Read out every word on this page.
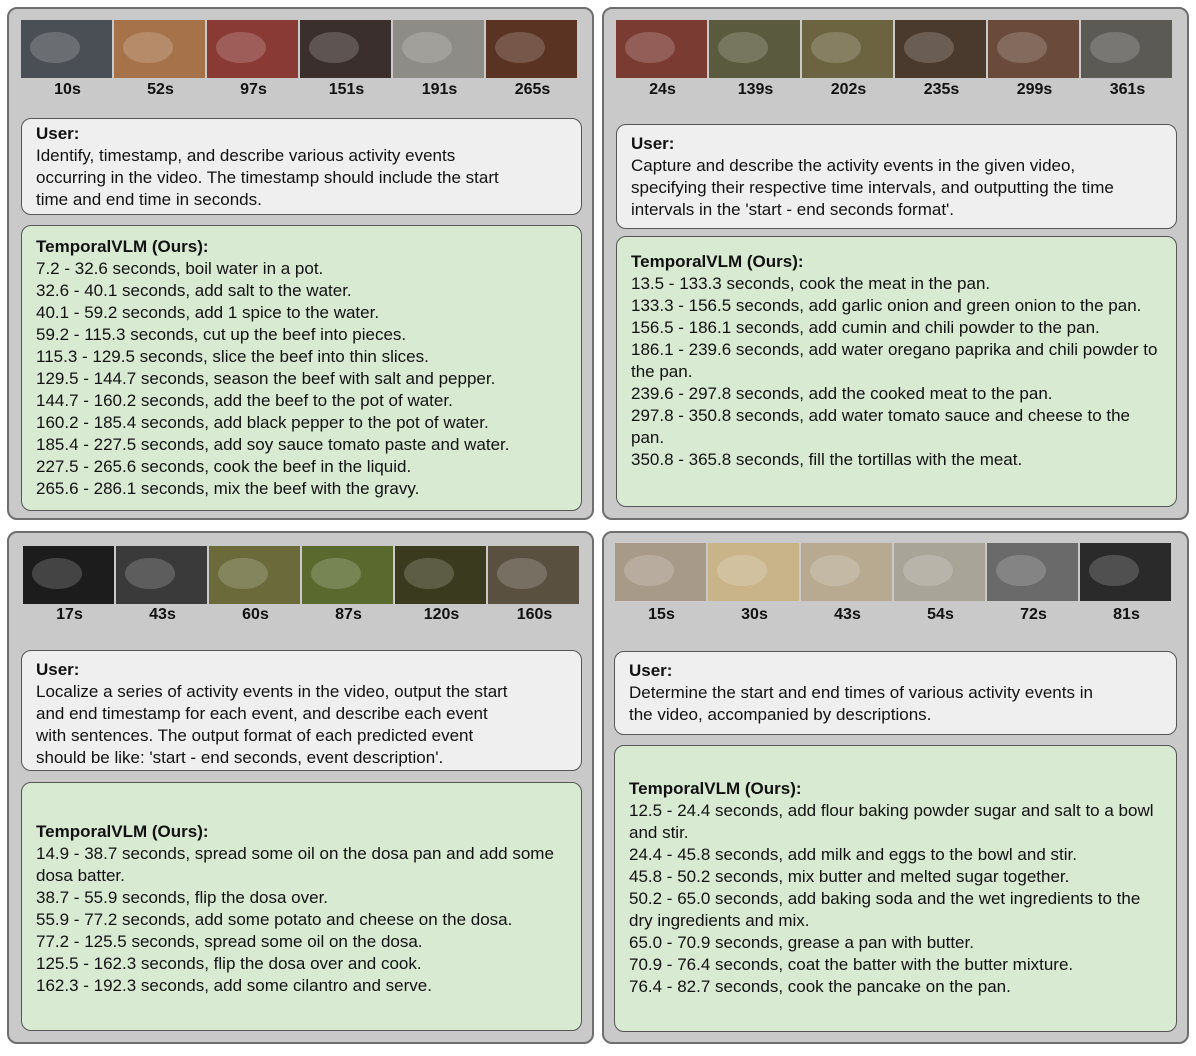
10s	52s	97s	151s	191s	265s
User:
Identify, timestamp, and describe various activity events
occurring in the video. The timestamp should include the start
time and end time in seconds.
TemporalVLM (Ours):
7.2 - 32.6 seconds, boil water in a pot.
32.6 - 40.1 seconds, add salt to the water.
40.1 - 59.2 seconds, add 1 spice to the water.
59.2 - 115.3 seconds, cut up the beef into pieces.
115.3 - 129.5 seconds, slice the beef into thin slices.
129.5 - 144.7 seconds, season the beef with salt and pepper.
144.7 - 160.2 seconds, add the beef to the pot of water.
160.2 - 185.4 seconds, add black pepper to the pot of water.
185.4 - 227.5 seconds, add soy sauce tomato paste and water.
227.5 - 265.6 seconds, cook the beef in the liquid.
265.6 - 286.1 seconds, mix the beef with the gravy.
24s	139s	202s	235s	299s	361s
User:
Capture and describe the activity events in the given video,
specifying their respective time intervals, and outputting the time
intervals in the 'start - end seconds format'.
TemporalVLM (Ours):
13.5 - 133.3 seconds, cook the meat in the pan.
133.3 - 156.5 seconds, add garlic onion and green onion to the pan.
156.5 - 186.1 seconds, add cumin and chili powder to the pan.
186.1 - 239.6 seconds, add water oregano paprika and chili powder to the pan.
239.6 - 297.8 seconds, add the cooked meat to the pan.
297.8 - 350.8 seconds, add water tomato sauce and cheese to the pan.
350.8 - 365.8 seconds, fill the tortillas with the meat.
17s	43s	60s	87s	120s	160s
User:
Localize a series of activity events in the video, output the start
and end timestamp for each event, and describe each event
with sentences. The output format of each predicted event
should be like: 'start - end seconds, event description'.
TemporalVLM (Ours):
14.9 - 38.7 seconds, spread some oil on the dosa pan and add some dosa batter.
38.7 - 55.9 seconds, flip the dosa over.
55.9 - 77.2 seconds, add some potato and cheese on the dosa.
77.2 - 125.5 seconds, spread some oil on the dosa.
125.5 - 162.3 seconds, flip the dosa over and cook.
162.3 - 192.3 seconds, add some cilantro and serve.
15s	30s	43s	54s	72s	81s
User:
Determine the start and end times of various activity events in
the video, accompanied by descriptions.
TemporalVLM (Ours):
12.5 - 24.4 seconds, add flour baking powder sugar and salt to a bowl and stir.
24.4 - 45.8 seconds, add milk and eggs to the bowl and stir.
45.8 - 50.2 seconds, mix butter and melted sugar together.
50.2 - 65.0 seconds, add baking soda and the wet ingredients to the dry ingredients and mix.
65.0 - 70.9 seconds, grease a pan with butter.
70.9 - 76.4 seconds, coat the batter with the butter mixture.
76.4 - 82.7 seconds, cook the pancake on the pan.
